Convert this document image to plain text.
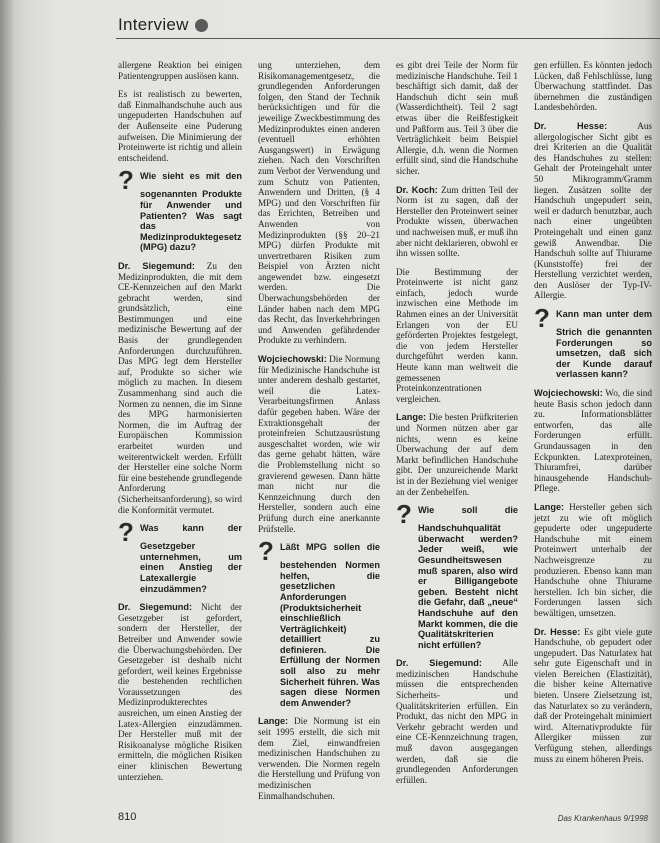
Interview

allergene Reaktion bei einigen Patientengruppen auslösen kann.

Es ist realistisch zu bewerten, daß Einmalhandschuhe auch aus ungepuderten Handschuhen auf der Außenseite eine Puderung aufweisen. Die Minimierung der Proteinwerte ist richtig und allein entscheidend.

? Wie sieht es mit den sogenannten Produkte für Anwender und Patienten? Was sagt das Medizinproduktegesetz (MPG) dazu?

Dr. Siegemund: Zu den Medizinprodukten, die mit dem CE-Kennzeichen auf den Markt gebracht werden, sind grundsätzlich, eine Bestimmungen und eine medizinische Bewertung auf der Basis der grundlegenden Anforderungen durchzuführen. Das MPG legt dem Hersteller auf, Produkte so sicher wie möglich zu machen. In diesem Zusammenhang sind auch die Normen zu nennen, die im Sinne des MPG harmonisierten Normen, die im Auftrag der Europäischen Kommission erarbeitet wurden und weiterentwickelt werden. Erfüllt der Hersteller eine solche Norm für eine bestehende grundlegende Anforderung (Sicherheitsanforderung), so wird die Konformität vermutet.

? Was kann der Gesetzgeber unternehmen, um einen Anstieg der Latexallergie einzudämmen?

Dr. Siegemund: Nicht der Gesetzgeber ist gefordert, sondern der Hersteller, der Betreiber und Anwender sowie die Überwachungsbehörden. Der Gesetzgeber ist deshalb nicht gefordert, weil keines Ergebnisse die bestehenden rechtlichen Voraussetzungen des Medizinprodukterechtes ausreichen, um einen Anstieg der Latex-Allergien einzudämmen. Der Hersteller muß mit der Risikoanalyse mögliche Risiken ermitteln, die möglichen Risiken einer klinischen Bewertung unterziehen.

ung unterziehen, dem Risikomanagementgesetz, die grundlegenden Anforderungen folgen, den Stand der Technik berücksichtigen und für die jeweilige Zweckbestimmung des Medizinproduktes einen anderen (eventuell erhöhten Ausgangswert) in Erwägung ziehen. Nach den Vorschriften zum Verbot der Verwendung und zum Schutz von Patienten, Anwendern und Dritten, (§ 4 MPG) und den Vorschriften für das Errichten, Betreiben und Anwenden von Medizinprodukten (§§ 20–21 MPG) dürfen Produkte mit unvertretbaren Risiken zum Beispiel von Ärzten nicht angewendet bzw. eingesetzt werden. Die Überwachungsbehörden der Länder haben nach dem MPG das Recht, das Inverkehrbringen und Anwenden gefährdender Produkte zu verhindern.

Wojciechowski: Die Normung für Medizinische Handschuhe ist unter anderem deshalb gestartet, weil die Latex-Verarbeitungsfirmen Anlass dafür gegeben haben. Wäre der Extraktionsgehalt der proteinfreien Schutzausrüstung ausgeschaltet worden, wie wir das gerne gehabt hätten, wäre die Problemstellung nicht so gravierend gewesen. Dann hätte man nicht nur die Kennzeichnung durch den Hersteller, sondern auch eine Prüfung durch eine anerkannte Prüfstelle.

? Läßt MPG sollen die bestehenden Normen helfen, die gesetzlichen Anforderungen (Produktsicherheit einschließlich Verträglichkeit) detailliert zu definieren. Die Erfüllung der Normen soll also zu mehr Sicherheit führen. Was sagen diese Normen dem Anwender?

Lange: Die Normung ist ein seit 1995 erstellt, die sich mit dem Ziel, einwandfreien medizinischen Handschuhen zu verwenden. Die Normen regeln die Herstellung und Prüfung von medizinischen Einmalhandschuhen.

es gibt drei Teile der Norm für medizinische Handschuhe. Teil 1 beschäftigt sich damit, daß der Handschuh dicht sein muß (Wasserdichtheit). Teil 2 sagt etwas über die Reißfestigkeit und Paßform aus. Teil 3 über die Verträglichkeit beim Beispiel Allergie, d.h. wenn die Normen erfüllt sind, sind die Handschuhe sicher.

Dr. Koch: Zum dritten Teil der Norm ist zu sagen, daß der Hersteller den Proteinwert seiner Produkte wissen, überwachen und nachweisen muß, er muß ihn aber nicht deklarieren, obwohl er ihn wissen sollte.

Die Bestimmung der Proteinwerte ist nicht ganz einfach, jedoch wurde inzwischen eine Methode im Rahmen eines an der Universität Erlangen von der EU geförderten Projektes festgelegt, die von jedem Hersteller durchgeführt werden kann. Heute kann man weltweit die gemessenen Proteinkonzentrationen vergleichen.

Lange: Die besten Prüfkriterien und Normen nützen aber gar nichts, wenn es keine Überwachung der auf dem Markt befindlichen Handschuhe gibt. Der unzureichende Markt ist in der Beziehung viel weniger an der Zenbehelfen.

? Wie soll die Handschuhqualität überwacht werden? Jeder weiß, wie Gesundheitswesen muß sparen, also wird er Billigangebote geben. Besteht nicht die Gefahr, daß „neue“ Handschuhe auf den Markt kommen, die die Qualitätskriterien nicht erfüllen?

Dr. Siegemund: Alle medizinischen Handschuhe müssen die entsprechenden Sicherheits- und Qualitätskriterien erfüllen. Ein Produkt, das nicht den MPG in Verkehr gebracht werden und eine CE-Kennzeichnung tragen, muß davon ausgegangen werden, daß sie die grundlegenden Anforderungen erfüllen.

gen erfüllen. Es könnten jedoch Lücken, daß Fehlschlüsse, lung Überwachung stattfindet. Das übernehmen die zuständigen Landesbehörden.

Dr. Hesse:	Aus allergologischer Sicht gibt es drei Kriterien an die Qualität des Handschuhes zu stellen: Gehalt der Proteingehalt unter 50 Mikrogramm/Gramm liegen. Zusätzen sollte der Handschuh ungepudert sein, weil er dadurch benutzbar, auch nach einer ungeübten Proteingehalt und einen ganz gewiß Anwendbar. Die Handschuh sollte auf Thiurame (Kunststoffe) frei der Herstellung verzichtet werden, den Auslöser der Typ-IV-Allergie.

? Kann man unter dem Strich die genannten Forderungen so umsetzen, daß sich der Kunde darauf verlassen kann?

Wojciechowski: Wo, die sind heute Basis schon jedoch dann zu. Informationsblätter entworfen, das alle Forderungen erfüllt. Grundaussagen in den Eckpunkten. Latexproteinen, Thiuramfrei, darüber hinausgehende Handschuh-Pflege.

Lange: Hersteller geben sich jetzt zu wie oft möglich gepuderte oder ungepuderte Handschuhe mit einem Proteinwert unterhalb der Nachweisgrenze zu produzieren. Ebenso kann man Handschuhe ohne Thiurame herstellen. Ich bin sicher, die Forderungen lassen sich bewältigen, umsetzen.

Dr. Hesse: Es gibt viele gute Handschuhe, ob gepudert oder ungepudert. Das Naturlatex hat sehr gute Eigenschaft und in vielen Bereichen (Elastizität), die bisher keine Alternative bieten. Unsere Zielsetzung ist, das Naturlatex so zu verändern, daß der Proteingehalt minimiert wird. Alternativprodukte für Allergiker müssen zur Verfügung stehen, allerdings muss zu einem höheren Preis.

810	Das Krankenhaus 9/1998
